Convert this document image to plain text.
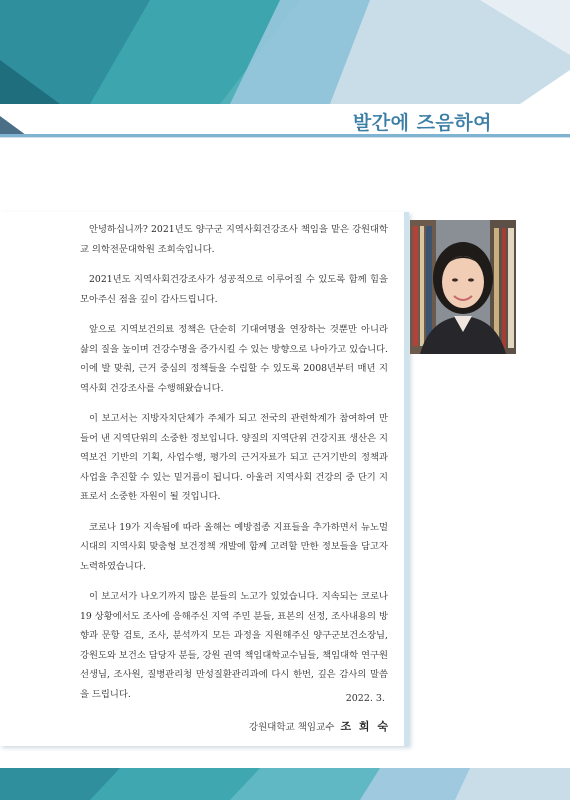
발간에 즈음하여

안녕하십니까? 2021년도 양구군 지역사회건강조사 책임을 맡은 강원대학교 의학전문대학원 조희숙입니다.

2021년도 지역사회건강조사가 성공적으로 이루어질 수 있도록 함께 힘을 모아주신 점을 깊이 감사드립니다.

앞으로 지역보건의료 정책은 단순히 기대여명을 연장하는 것뿐만 아니라 삶의 질을 높이며 건강수명을 증가시킬 수 있는 방향으로 나아가고 있습니다. 이에 발 맞춰, 근거 중심의 정책들을 수립할 수 있도록 2008년부터 매년 지역사회 건강조사를 수행해왔습니다.

이 보고서는 지방자치단체가 주체가 되고 전국의 관련학계가 참여하여 만들어 낸 지역단위의 소중한 정보입니다. 양질의 지역단위 건강지표 생산은 지역보건 기반의 기획, 사업수행, 평가의 근거자료가 되고 근거기반의 정책과 사업을 추진할 수 있는 밑거름이 됩니다. 아울러 지역사회 건강의 중 단기 지표로서 소중한 자원이 될 것입니다.

코로나 19가 지속됨에 따라 올해는 예방접종 지표들을 추가하면서 뉴노멀 시대의 지역사회 맞춤형 보건정책 개발에 함께 고려할 만한 정보들을 담고자 노력하였습니다.

이 보고서가 나오기까지 많은 분들의 노고가 있었습니다. 지속되는 코로나 19 상황에서도 조사에 응해주신 지역 주민 분들, 표본의 선정, 조사내용의 방향과 문항 검토, 조사, 분석까지 모든 과정을 지원해주신 양구군보건소장님, 강원도와 보건소 담당자 분들, 강원 권역 책임대학교수님들, 책임대학 연구원 선생님, 조사원, 질병관리청 만성질환관리과에 다시 한번, 깊은 감사의 말씀을 드립니다.	2022. 3.

강원대학교 책임교수 조 희 숙
